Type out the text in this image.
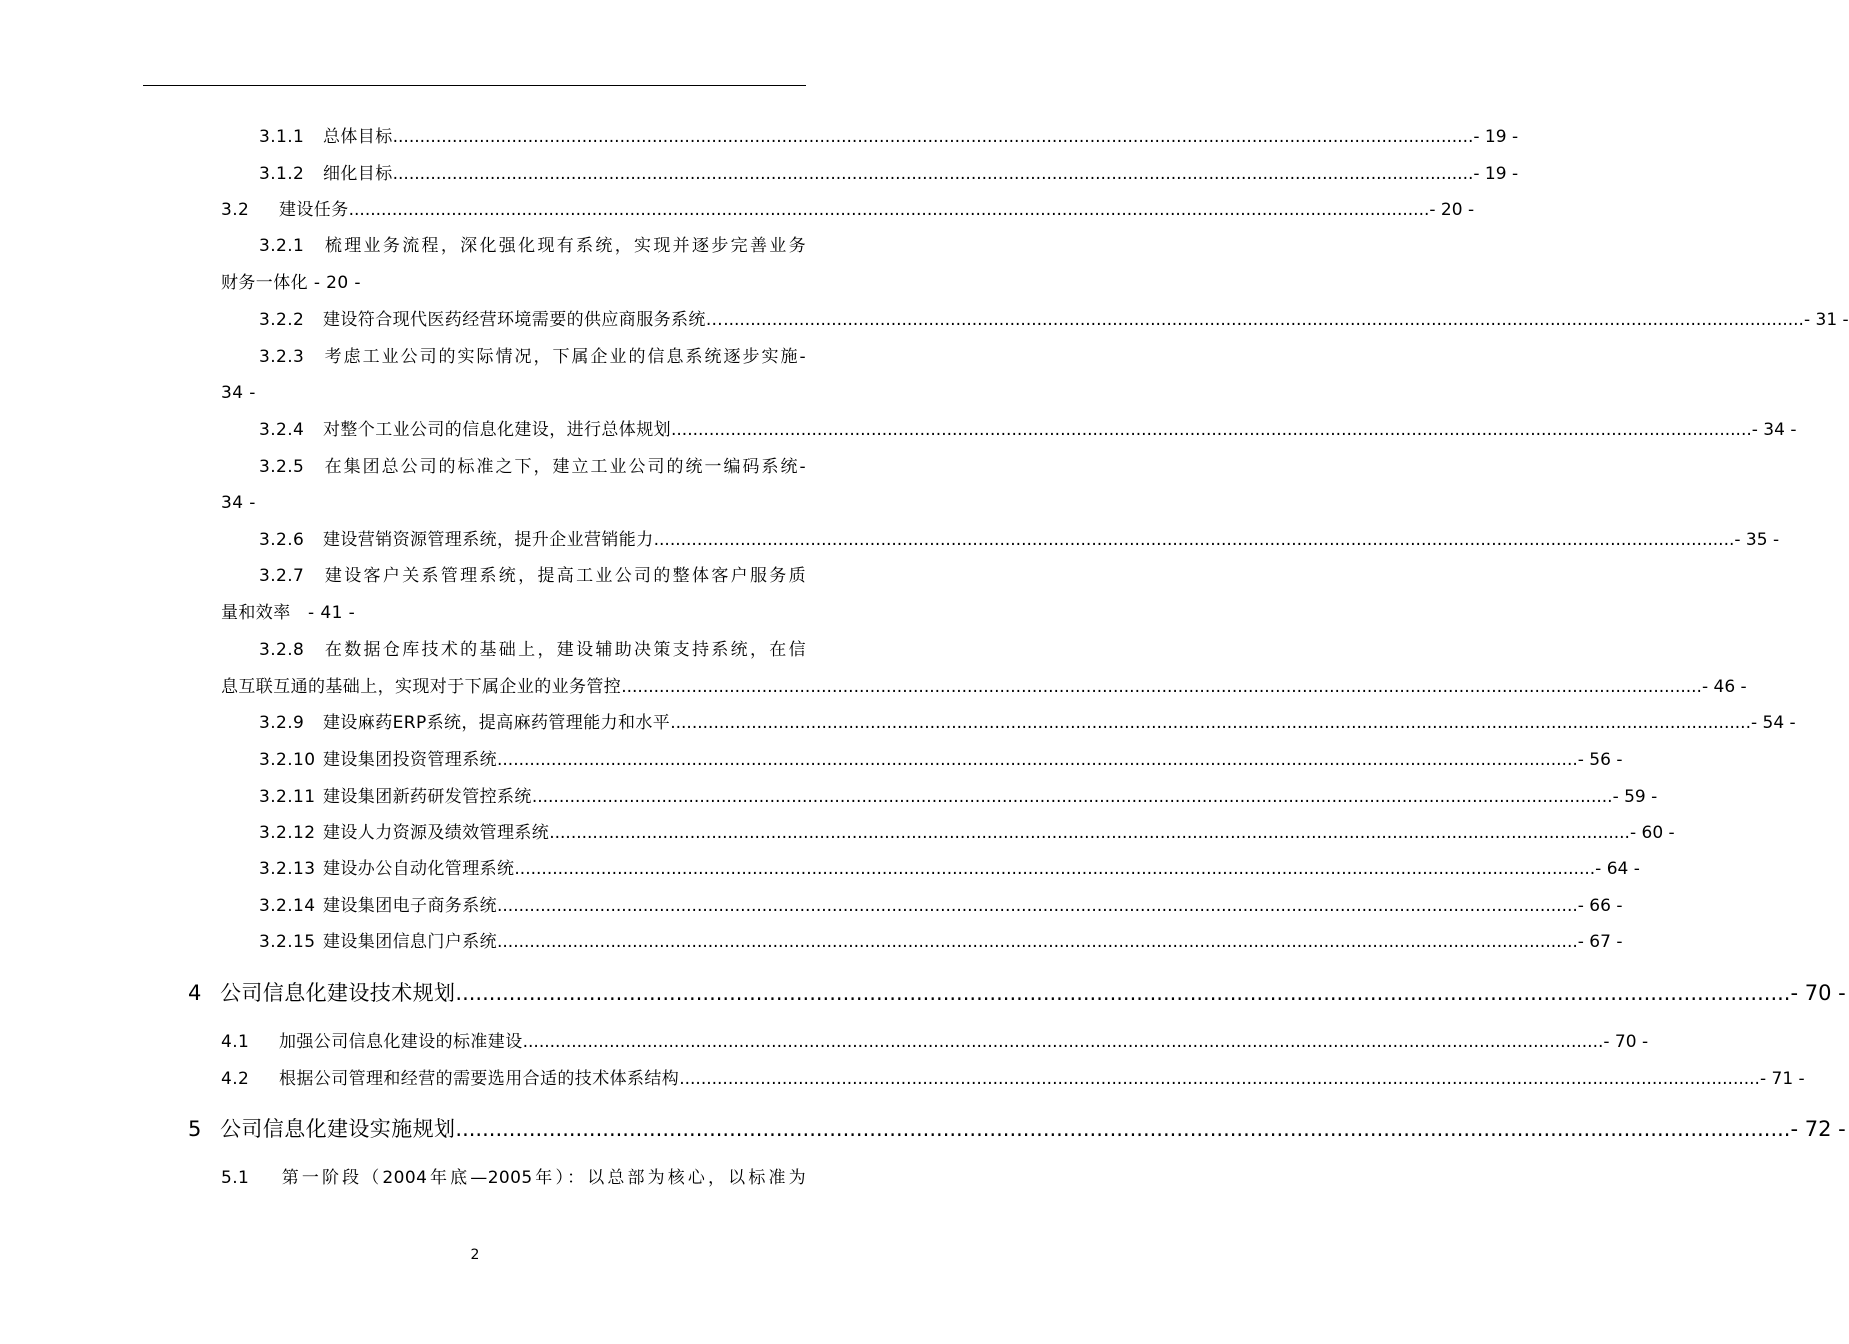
3.1.1	总体目标 .....	- 19 -
3.1.2	细化目标 .....	- 19 -
3.2	建设任务 .....	- 20 -
3.2.1 梳理业务流程，深化强化现有系统，实现并逐步完善业务
财务一体化 - 20 -
3.2.2	建设符合现代医药经营环境需要的供应商服务系统… .....	- 31 -
3.2.3 考虑工业公司的实际情况，下属企业的信息系统逐步实施-
34 -
3.2.4	对整个工业公司的信息化建设，进行总体规划 .....	- 34 -
3.2.5 在集团总公司的标准之下，建立工业公司的统一编码系统-
34 -
3.2.6	建设营销资源管理系统，提升企业营销能力 .....	- 35 -
3.2.7 建设客户关系管理系统，提高工业公司的整体客户服务质
量和效率 - 41 -
3.2.8 在数据仓库技术的基础上，建设辅助决策支持系统，在信
息互联互通的基础上，实现对于下属企业的业务管控 .....	- 46 -
3.2.9	建设麻药ERP系统，提高麻药管理能力和水平 .....	- 54 -
3.2.10 建设集团投资管理系统 .....	- 56 -
3.2.11 建设集团新药研发管控系统 .....	- 59 -
3.2.12 建设人力资源及绩效管理系统 .....	- 60 -
3.2.13 建设办公自动化管理系统 .....	- 64 -
3.2.14 建设集团电子商务系统 .....	- 66 -
3.2.15 建设集团信息门户系统 .....	- 67 -
4 公司信息化建设技术规划 .....	- 70 -
4.1	加强公司信息化建设的标准建设 .....	- 70 -
4.2	根据公司管理和经营的需要选用合适的技术体系结构 .....	- 71 -
5 公司信息化建设实施规划 .....	- 72 -
5.1 第一阶段（2004年底—2005年）：以总部为核心，以标准为
2
